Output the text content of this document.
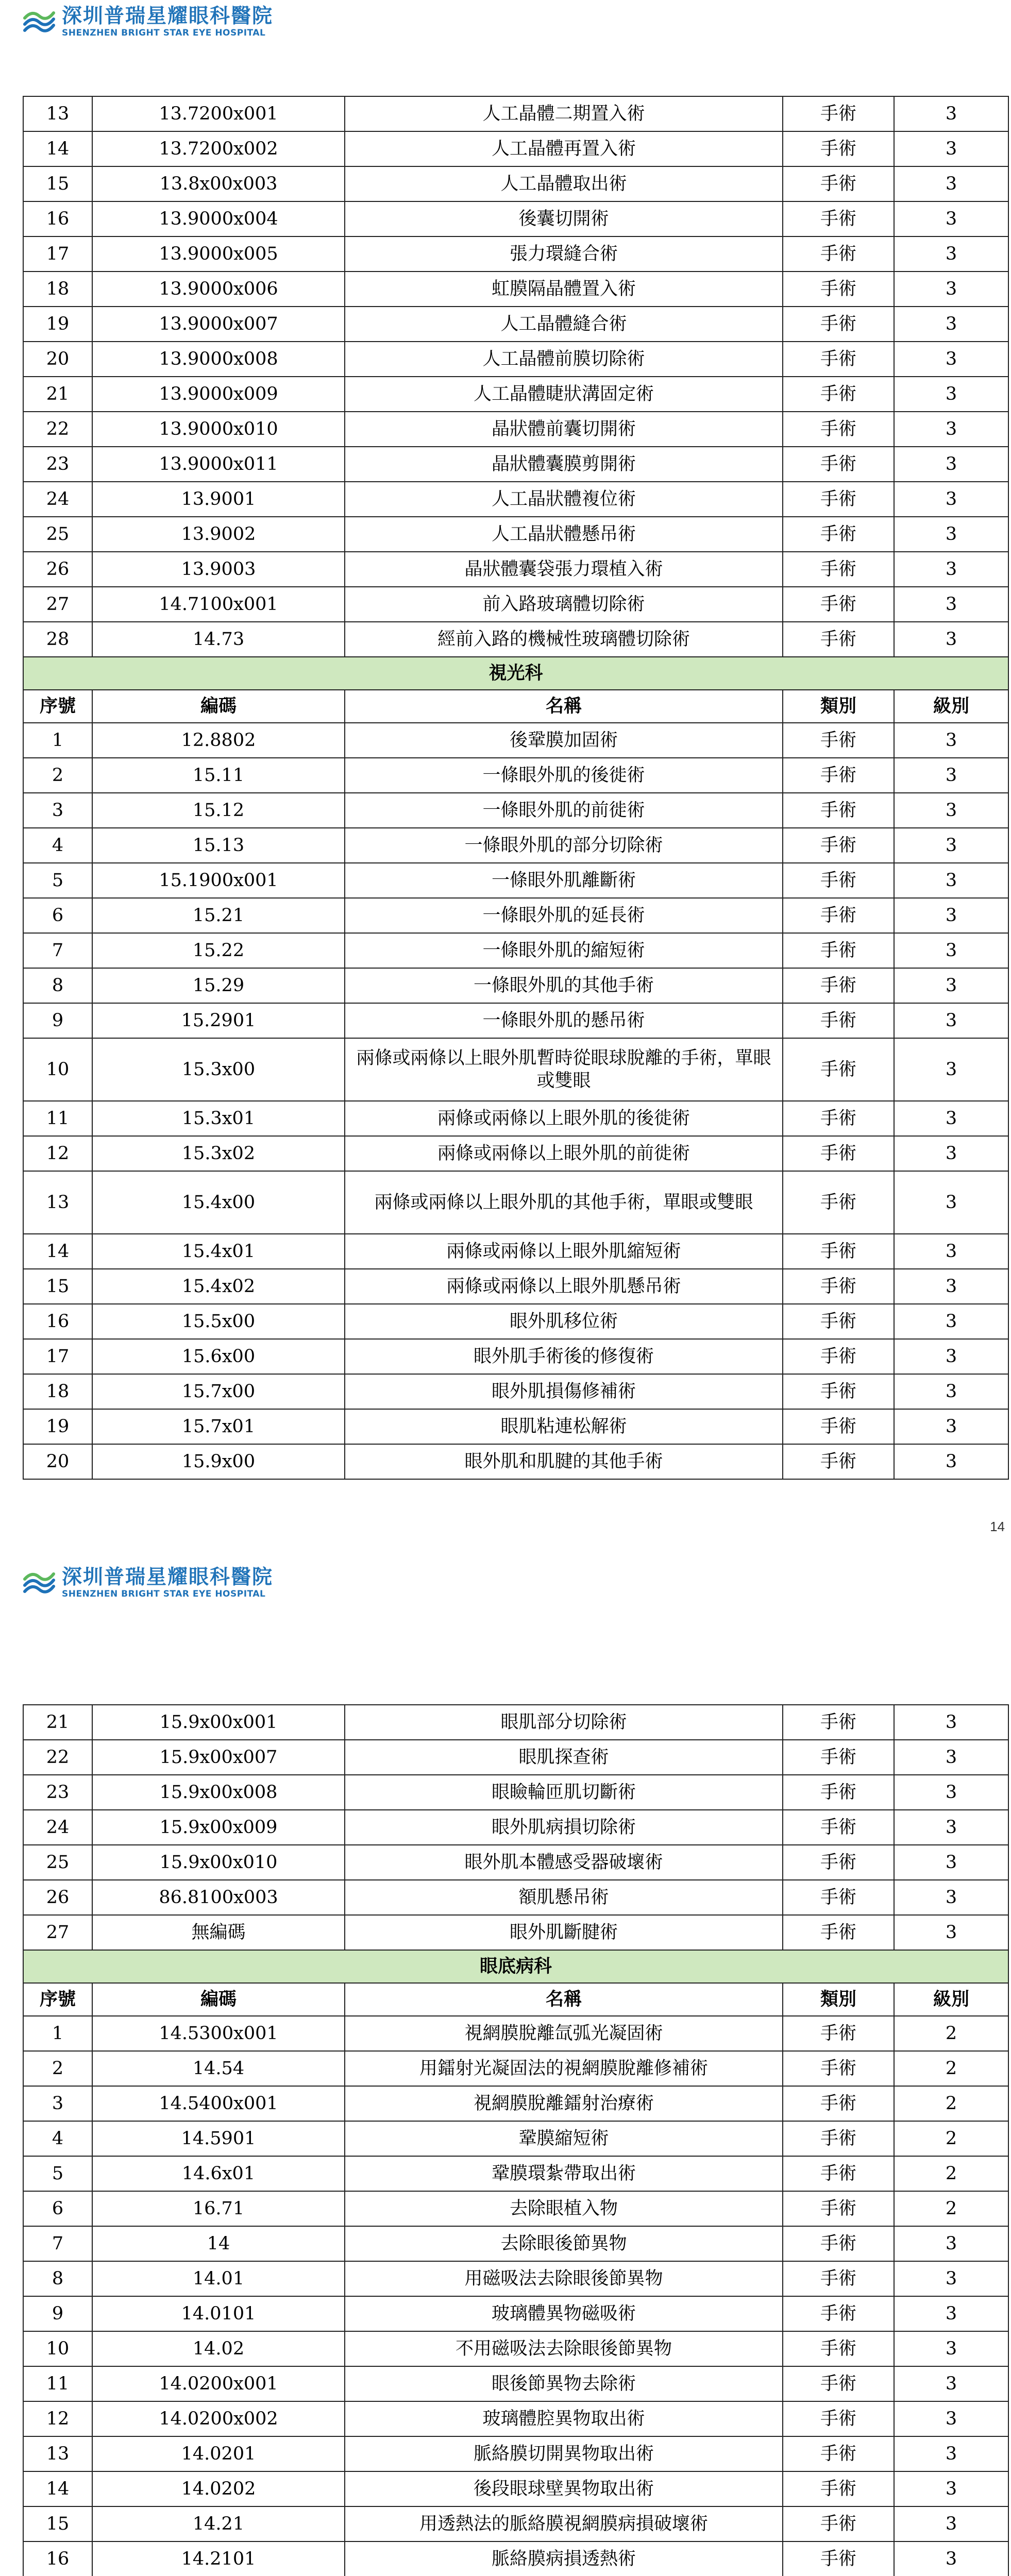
深圳普瑞星耀眼科醫院
SHENZHEN BRIGHT STAR EYE HOSPITAL
13	13.7200x001	人工晶體二期置入術	手術	3
14	13.7200x002	人工晶體再置入術	手術	3
15	13.8x00x003	人工晶體取出術	手術	3
16	13.9000x004	後囊切開術	手術	3
17	13.9000x005	張力環縫合術	手術	3
18	13.9000x006	虹膜隔晶體置入術	手術	3
19	13.9000x007	人工晶體縫合術	手術	3
20	13.9000x008	人工晶體前膜切除術	手術	3
21	13.9000x009	人工晶體睫狀溝固定術	手術	3
22	13.9000x010	晶狀體前囊切開術	手術	3
23	13.9000x011	晶狀體囊膜剪開術	手術	3
24	13.9001	人工晶狀體複位術	手術	3
25	13.9002	人工晶狀體懸吊術	手術	3
26	13.9003	晶狀體囊袋張力環植入術	手術	3
27	14.7100x001	前入路玻璃體切除術	手術	3
28	14.73	經前入路的機械性玻璃體切除術	手術	3
視光科				
序號	編碼	名稱	類別	級別
1	12.8802	後鞏膜加固術	手術	3
2	15.11	一條眼外肌的後徙術	手術	3
3	15.12	一條眼外肌的前徙術	手術	3
4	15.13	一條眼外肌的部分切除術	手術	3
5	15.1900x001	一條眼外肌離斷術	手術	3
6	15.21	一條眼外肌的延長術	手術	3
7	15.22	一條眼外肌的縮短術	手術	3
8	15.29	一條眼外肌的其他手術	手術	3
9	15.2901	一條眼外肌的懸吊術	手術	3
10	15.3x00	兩條或兩條以上眼外肌暫時從眼球脫離的手術，單眼或雙眼	手術	3
11	15.3x01	兩條或兩條以上眼外肌的後徙術	手術	3
12	15.3x02	兩條或兩條以上眼外肌的前徙術	手術	3
13	15.4x00	兩條或兩條以上眼外肌的其他手術，單眼或雙眼	手術	3
14	15.4x01	兩條或兩條以上眼外肌縮短術	手術	3
15	15.4x02	兩條或兩條以上眼外肌懸吊術	手術	3
16	15.5x00	眼外肌移位術	手術	3
17	15.6x00	眼外肌手術後的修復術	手術	3
18	15.7x00	眼外肌損傷修補術	手術	3
19	15.7x01	眼肌粘連松解術	手術	3
20	15.9x00	眼外肌和肌腱的其他手術	手術	3
14
深圳普瑞星耀眼科醫院
SHENZHEN BRIGHT STAR EYE HOSPITAL
21	15.9x00x001	眼肌部分切除術	手術	3
22	15.9x00x007	眼肌探查術	手術	3
23	15.9x00x008	眼瞼輪匝肌切斷術	手術	3
24	15.9x00x009	眼外肌病損切除術	手術	3
25	15.9x00x010	眼外肌本體感受器破壞術	手術	3
26	86.8100x003	額肌懸吊術	手術	3
27	無編碼	眼外肌斷腱術	手術	3
眼底病科				
序號	編碼	名稱	類別	級別
1	14.5300x001	視網膜脫離氙弧光凝固術	手術	2
2	14.54	用鐳射光凝固法的視網膜脫離修補術	手術	2
3	14.5400x001	視網膜脫離鐳射治療術	手術	2
4	14.5901	鞏膜縮短術	手術	2
5	14.6x01	鞏膜環紮帶取出術	手術	2
6	16.71	去除眼植入物	手術	2
7	14	去除眼後節異物	手術	3
8	14.01	用磁吸法去除眼後節異物	手術	3
9	14.0101	玻璃體異物磁吸術	手術	3
10	14.02	不用磁吸法去除眼後節異物	手術	3
11	14.0200x001	眼後節異物去除術	手術	3
12	14.0200x002	玻璃體腔異物取出術	手術	3
13	14.0201	脈絡膜切開異物取出術	手術	3
14	14.0202	後段眼球壁異物取出術	手術	3
15	14.21	用透熱法的脈絡膜視網膜病損破壞術	手術	3
16	14.2101	脈絡膜病損透熱術	手術	3
